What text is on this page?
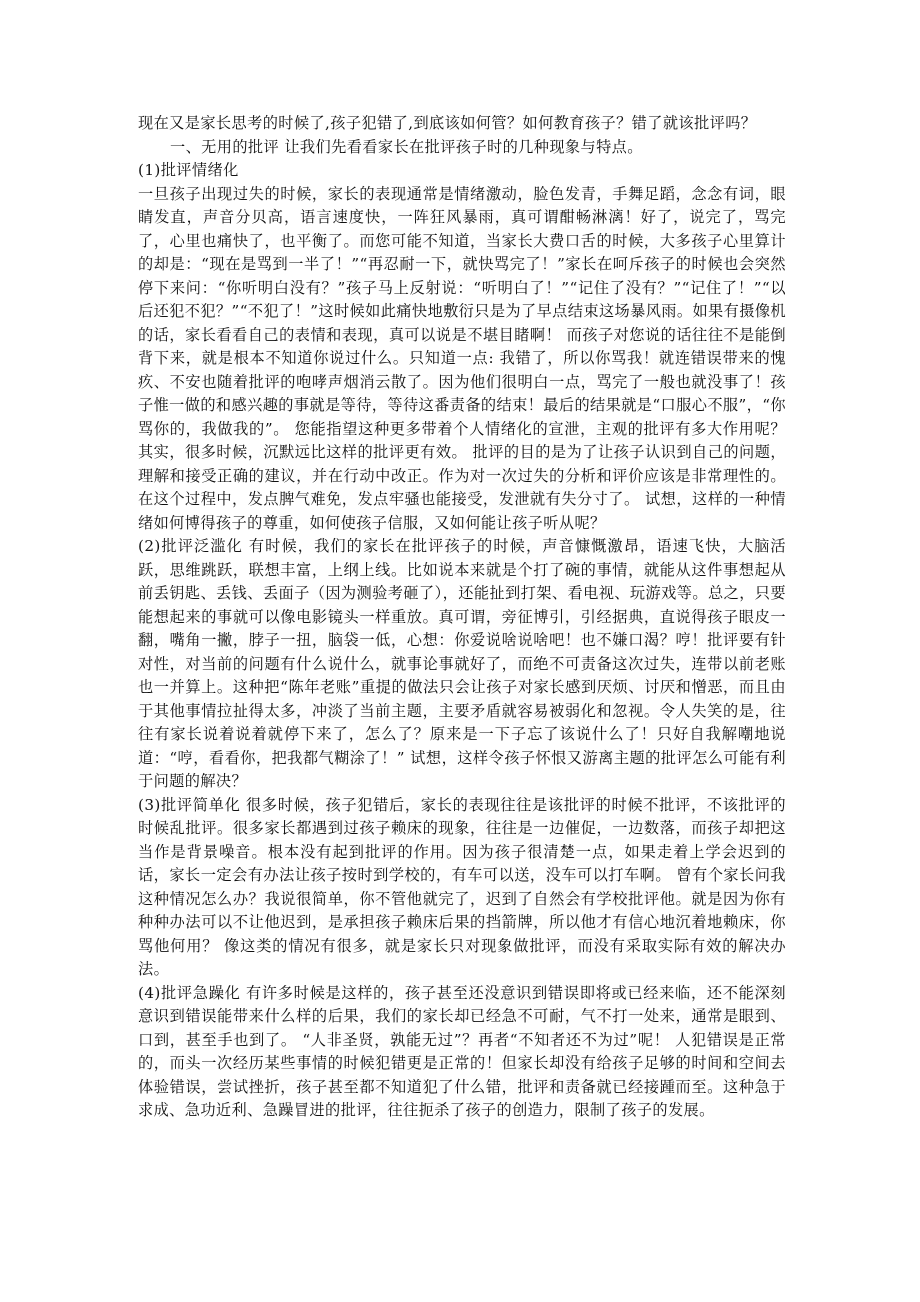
现在又是家长思考的时候了,孩子犯错了,到底该如何管？如何教育孩子？错了就该批评吗？

一、无用的批评 让我们先看看家长在批评孩子时的几种现象与特点。

(1)批评情绪化

一旦孩子出现过失的时候，家长的表现通常是情绪激动，脸色发青，手舞足蹈，念念有词，眼睛发直，声音分贝高，语言速度快，一阵狂风暴雨，真可谓酣畅淋漓！好了，说完了，骂完了，心里也痛快了，也平衡了。而您可能不知道，当家长大费口舌的时候，大多孩子心里算计的却是：“现在是骂到一半了！”“再忍耐一下，就快骂完了！”家长在呵斥孩子的时候也会突然停下来问：“你听明白没有？”孩子马上反射说：“听明白了！”“记住了没有？”“记住了！”“以后还犯不犯？”“不犯了！”这时候如此痛快地敷衍只是为了早点结束这场暴风雨。如果有摄像机的话，家长看看自己的表情和表现，真可以说是不堪目睹啊！ 而孩子对您说的话往往不是能倒背下来，就是根本不知道你说过什么。只知道一点: 我错了，所以你骂我！就连错误带来的愧疚、不安也随着批评的咆哮声烟消云散了。因为他们很明白一点，骂完了一般也就没事了！孩子惟一做的和感兴趣的事就是等待，等待这番责备的结束！最后的结果就是“口服心不服”，“你骂你的，我做我的”。 您能指望这种更多带着个人情绪化的宣泄，主观的批评有多大作用呢？其实，很多时候，沉默远比这样的批评更有效。 批评的目的是为了让孩子认识到自己的问题，理解和接受正确的建议，并在行动中改正。作为对一次过失的分析和评价应该是非常理性的。在这个过程中，发点脾气难免，发点牢骚也能接受，发泄就有失分寸了。 试想，这样的一种情绪如何博得孩子的尊重，如何使孩子信服，又如何能让孩子听从呢？

(2)批评泛滥化 有时候，我们的家长在批评孩子的时候，声音慷慨激昂，语速飞快，大脑活跃，思维跳跃，联想丰富，上纲上线。比如说本来就是个打了碗的事情，就能从这件事想起从前丢钥匙、丢钱、丢面子（因为测验考砸了），还能扯到打架、看电视、玩游戏等。总之，只要能想起来的事就可以像电影镜头一样重放。真可谓，旁征博引，引经据典，直说得孩子眼皮一翻，嘴角一撇，脖子一扭，脑袋一低，心想：你爱说啥说啥吧！也不嫌口渴？哼！批评要有针对性，对当前的问题有什么说什么，就事论事就好了，而绝不可责备这次过失，连带以前老账也一并算上。这种把“陈年老账”重提的做法只会让孩子对家长感到厌烦、讨厌和憎恶，而且由于其他事情拉扯得太多，冲淡了当前主题，主要矛盾就容易被弱化和忽视。令人失笑的是，往往有家长说着说着就停下来了，怎么了？原来是一下子忘了该说什么了！只好自我解嘲地说道：“哼，看看你，把我都气糊涂了！” 试想，这样令孩子怀恨又游离主题的批评怎么可能有利于问题的解决？

(3)批评简单化 很多时候，孩子犯错后，家长的表现往往是该批评的时候不批评，不该批评的时候乱批评。很多家长都遇到过孩子赖床的现象，往往是一边催促，一边数落，而孩子却把这当作是背景噪音。根本没有起到批评的作用。因为孩子很清楚一点，如果走着上学会迟到的话，家长一定会有办法让孩子按时到学校的，有车可以送，没车可以打车啊。 曾有个家长问我这种情况怎么办？我说很简单，你不管他就完了，迟到了自然会有学校批评他。就是因为你有种种办法可以不让他迟到，是承担孩子赖床后果的挡箭牌，所以他才有信心地沉着地赖床，你骂他何用？ 像这类的情况有很多，就是家长只对现象做批评，而没有采取实际有效的解决办法。

(4)批评急躁化 有许多时候是这样的，孩子甚至还没意识到错误即将或已经来临，还不能深刻意识到错误能带来什么样的后果，我们的家长却已经急不可耐，气不打一处来，通常是眼到、口到，甚至手也到了。 “人非圣贤，孰能无过”？再者“不知者还不为过”呢！ 人犯错误是正常的，而头一次经历某些事情的时候犯错更是正常的！但家长却没有给孩子足够的时间和空间去体验错误，尝试挫折，孩子甚至都不知道犯了什么错，批评和责备就已经接踵而至。这种急于求成、急功近利、急躁冒进的批评，往往扼杀了孩子的创造力，限制了孩子的发展。
